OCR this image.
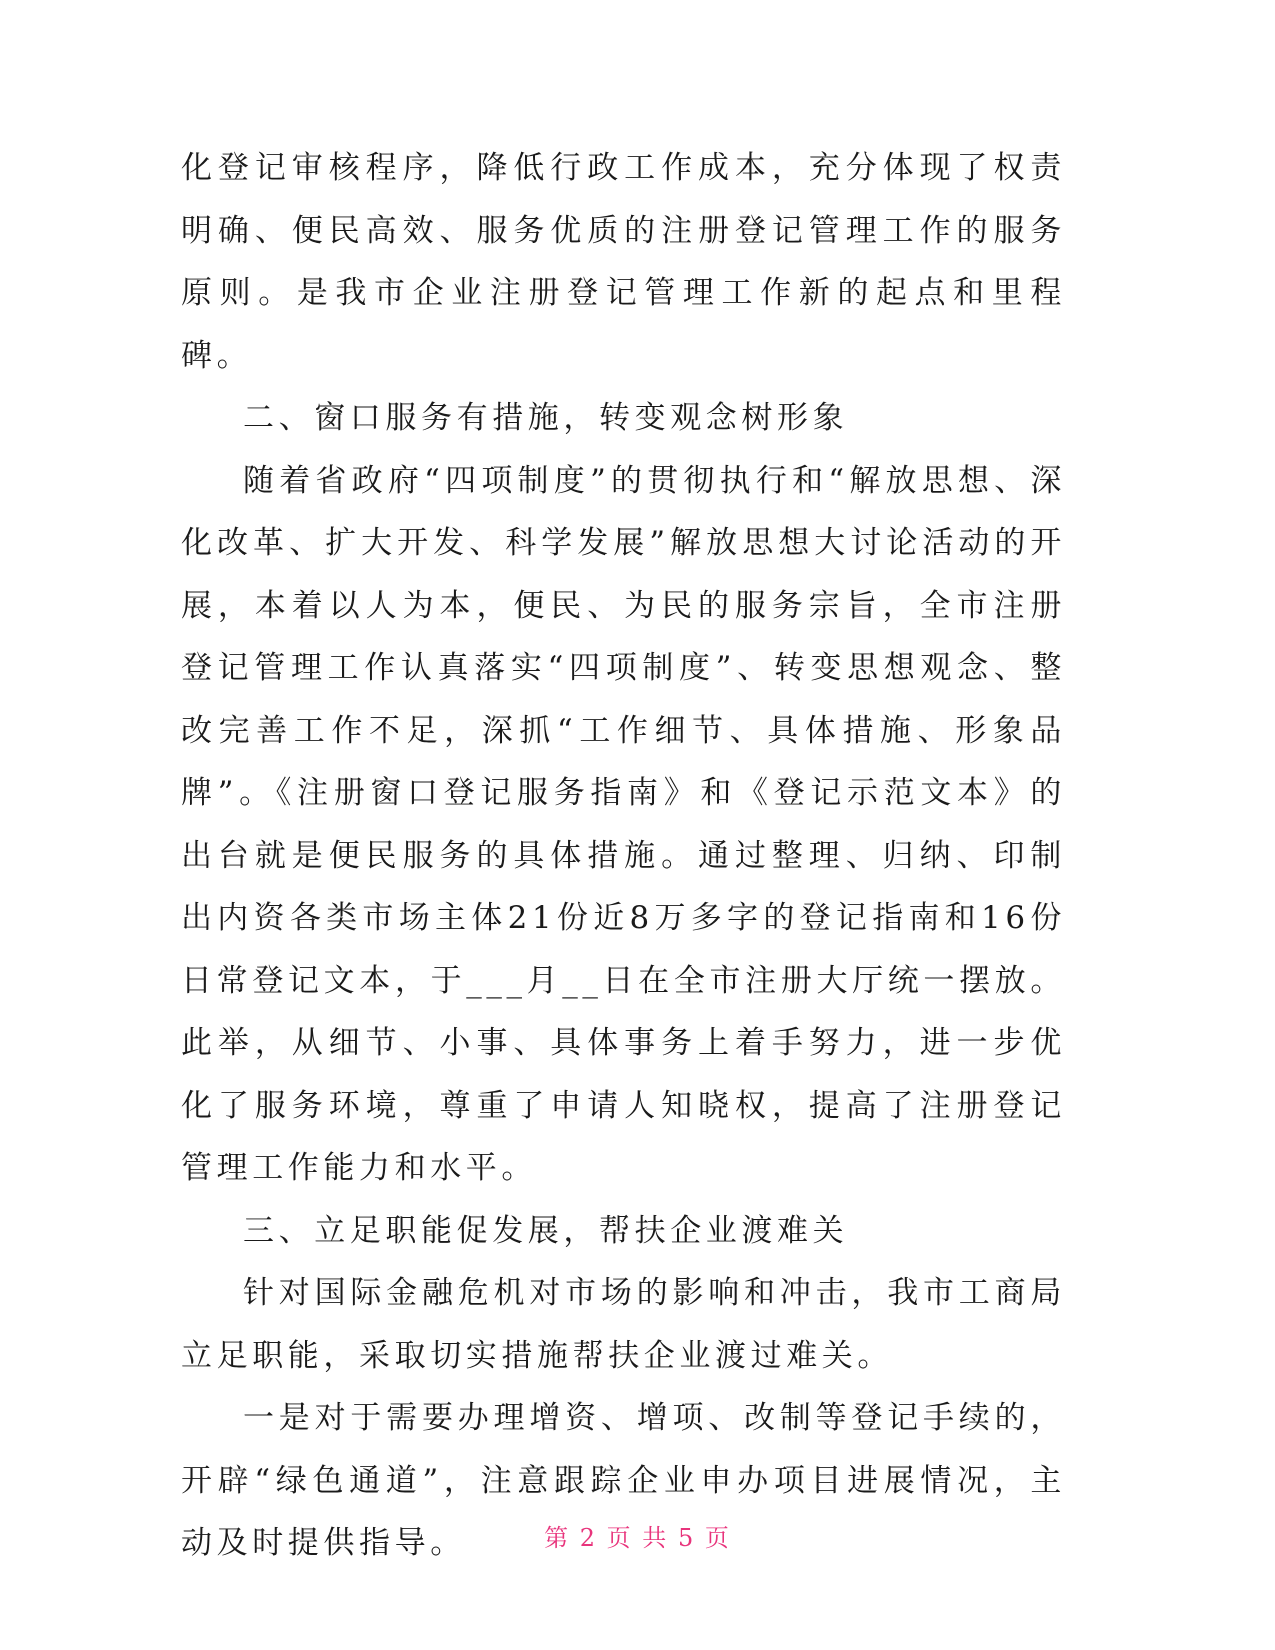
化登记审核程序，降低行政工作成本，充分体现了权责明确、便民高效、服务优质的注册登记管理工作的服务原则。是我市企业注册登记管理工作新的起点和里程碑。

二、窗口服务有措施，转变观念树形象

随着省政府“四项制度”的贯彻执行和“解放思想、深化改革、扩大开发、科学发展”解放思想大讨论活动的开展，本着以人为本，便民、为民的服务宗旨，全市注册登记管理工作认真落实“四项制度”、转变思想观念、整改完善工作不足，深抓“工作细节、具体措施、形象品牌”。《注册窗口登记服务指南》和《登记示范文本》的出台就是便民服务的具体措施。通过整理、归纳、印制出内资各类市场主体21份近8万多字的登记指南和16份日常登记文本，于___月__日在全市注册大厅统一摆放。此举，从细节、小事、具体事务上着手努力，进一步优化了服务环境，尊重了申请人知晓权，提高了注册登记管理工作能力和水平。

三、立足职能促发展，帮扶企业渡难关

针对国际金融危机对市场的影响和冲击，我市工商局立足职能，采取切实措施帮扶企业渡过难关。

一是对于需要办理增资、增项、改制等登记手续的，开辟“绿色通道”，注意跟踪企业申办项目进展情况，主动及时提供指导。	第 2 页 共 5 页
